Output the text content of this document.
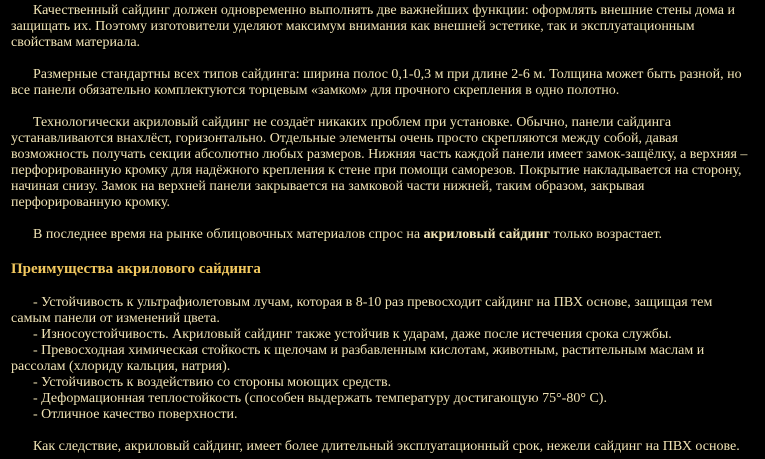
Качественный сайдинг должен одновременно выполнять две важнейших функции: оформлять внешние стены дома и защищать их. Поэтому изготовители уделяют максимум внимания как внешней эстетике, так и эксплуатационным свойствам материала.

Размерные стандартны всех типов сайдинга: ширина полос 0,1-0,3 м при длине 2-6 м. Толщина может быть разной, но все панели обязательно комплектуются торцевым «замком» для прочного скрепления в одно полотно.

Технологически акриловый сайдинг не создаёт никаких проблем при установке. Обычно, панели сайдинга устанавливаются внахлёст, горизонтально. Отдельные элементы очень просто скрепляются между собой, давая возможность получать секции абсолютно любых размеров. Нижняя часть каждой панели имеет замок-защёлку, а верхняя – перфорированную кромку для надёжного крепления к стене при помощи саморезов. Покрытие накладывается на сторону, начиная снизу. Замок на верхней панели закрывается на замковой части нижней, таким образом, закрывая перфорированную кромку.

В последнее время на рынке облицовочных материалов спрос на акриловый сайдинг только возрастает.

Преимущества акрилового сайдинга

- Устойчивость к ультрафиолетовым лучам, которая в 8-10 раз превосходит сайдинг на ПВХ основе, защищая тем самым панели от изменений цвета.

- Износоустойчивость. Акриловый сайдинг также устойчив к ударам, даже после истечения срока службы.

- Превосходная химическая стойкость к щелочам и разбавленным кислотам, животным, растительным маслам и рассолам (хлориду кальция, натрия).

- Устойчивость к воздействию со стороны моющих средств.

- Деформационная теплостойкость (способен выдержать температуру достигающую 75°-80° С).

- Отличное качество поверхности.

Как следствие, акриловый сайдинг, имеет более длительный эксплуатационный срок, нежели сайдинг на ПВХ основе.
